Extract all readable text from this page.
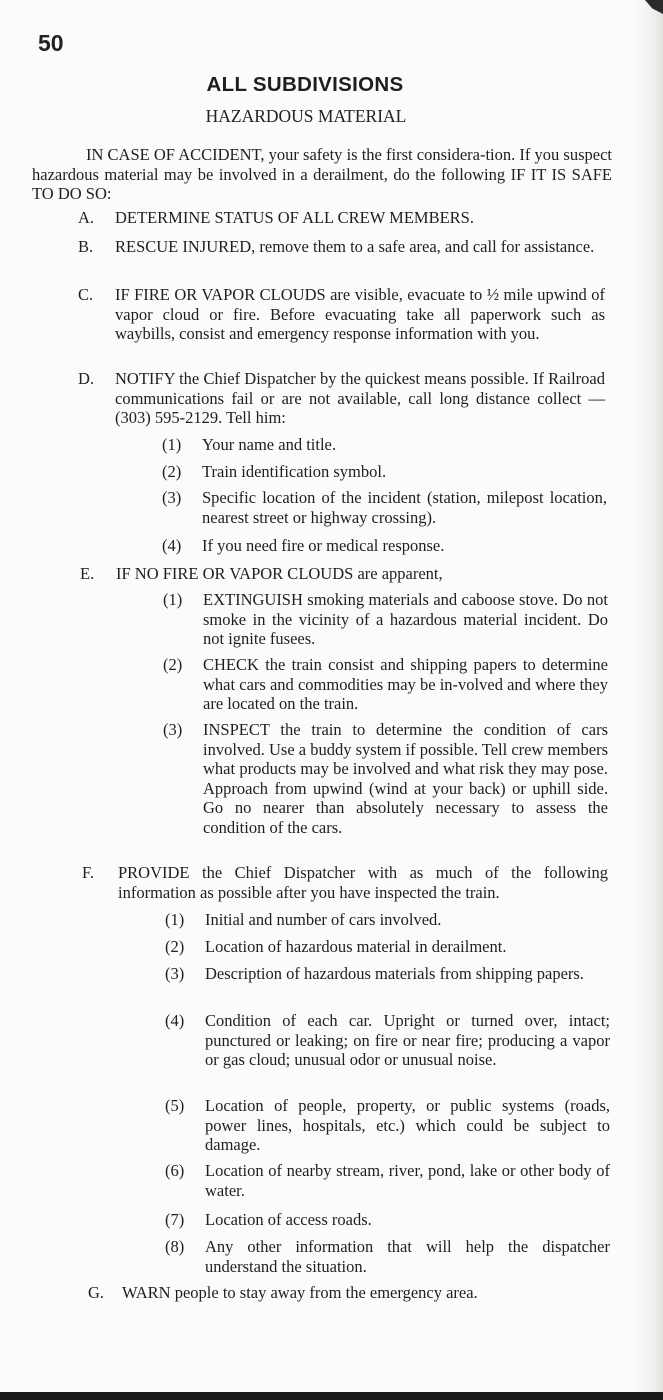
50
ALL SUBDIVISIONS
HAZARDOUS MATERIAL
IN CASE OF ACCIDENT, your safety is the first considera-tion. If you suspect hazardous material may be involved in a derailment, do the following IF IT IS SAFE TO DO SO:
A. DETERMINE STATUS OF ALL CREW MEMBERS.
B. RESCUE INJURED, remove them to a safe area, and call for assistance.
C. IF FIRE OR VAPOR CLOUDS are visible, evacuate to ½ mile upwind of vapor cloud or fire. Before evacuating take all paperwork such as waybills, consist and emergency response information with you.
D. NOTIFY the Chief Dispatcher by the quickest means possible. If Railroad communications fail or are not available, call long distance collect — (303) 595-2129. Tell him:
(1) Your name and title.
(2) Train identification symbol.
(3) Specific location of the incident (station, milepost location, nearest street or highway crossing).
(4) If you need fire or medical response.
E. IF NO FIRE OR VAPOR CLOUDS are apparent,
(1) EXTINGUISH smoking materials and caboose stove. Do not smoke in the vicinity of a hazardous material incident. Do not ignite fusees.
(2) CHECK the train consist and shipping papers to determine what cars and commodities may be in-volved and where they are located on the train.
(3) INSPECT the train to determine the condition of cars involved. Use a buddy system if possible. Tell crew members what products may be involved and what risk they may pose. Approach from upwind (wind at your back) or uphill side. Go no nearer than absolutely necessary to assess the condition of the cars.
F. PROVIDE the Chief Dispatcher with as much of the following information as possible after you have inspected the train.
(1) Initial and number of cars involved.
(2) Location of hazardous material in derailment.
(3) Description of hazardous materials from shipping papers.
(4) Condition of each car. Upright or turned over, intact; punctured or leaking; on fire or near fire; producing a vapor or gas cloud; unusual odor or unusual noise.
(5) Location of people, property, or public systems (roads, power lines, hospitals, etc.) which could be subject to damage.
(6) Location of nearby stream, river, pond, lake or other body of water.
(7) Location of access roads.
(8) Any other information that will help the dispatcher understand the situation.
G. WARN people to stay away from the emergency area.
